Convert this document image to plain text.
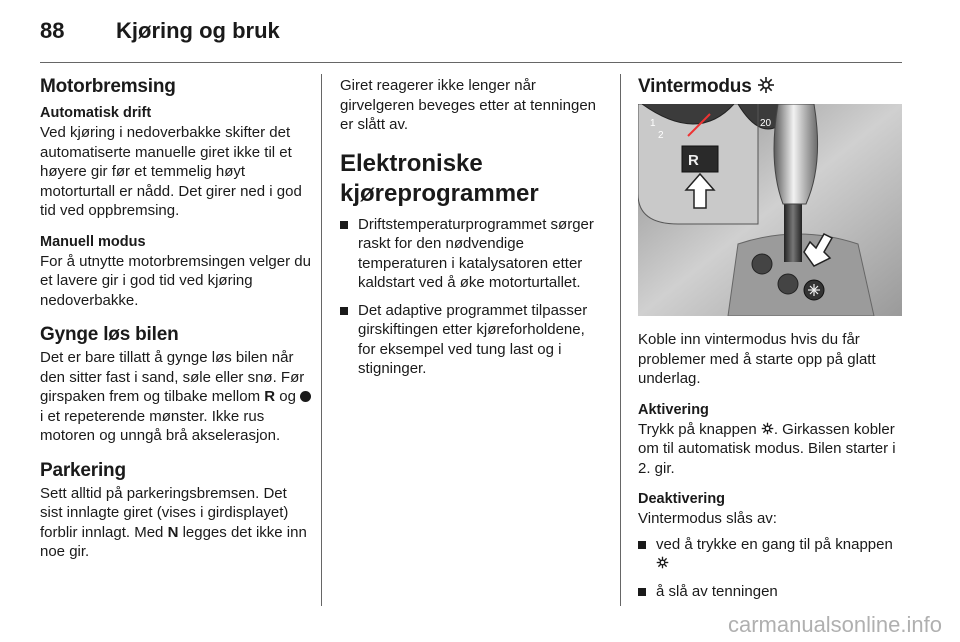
88 Kjøring og bruk
Motorbremsing
Automatisk drift

Ved kjøring i nedoverbakke skifter det automatiserte manuelle giret ikke til et høyere gir før et temmelig høyt motorturtall er nådd. Det girer ned i god tid ved oppbremsing.

Manuell modus

For å utnytte motorbremsingen velger du et lavere gir i god tid ved kjøring nedoverbakke.

Gynge løs bilen

Det er bare tillatt å gynge løs bilen når den sitter fast i sand, søle eller snø. Før girspaken frem og tilbake mellom R og  i et repeterende mønster. Ikke rus motoren og unngå brå akselerasjon.

Parkering

Sett alltid på parkeringsbremsen. Det sist innlagte giret (vises i girdisplayet) forblir innlagt. Med N legges det ikke inn noe gir.

Giret reagerer ikke lenger når girvelgeren beveges etter at tenningen er slått av.

Elektroniske kjøreprogrammer
Driftstemperaturprogrammet sørger raskt for den nødvendige temperaturen i katalysatoren etter kaldstart ved å øke motorturtallet.
Det adaptive programmet tilpasser girskiftingen etter kjøreforholdene, for eksempel ved tung last og i stigninger.
Vintermodus
1
2
20
R

Koble inn vintermodus hvis du får problemer med å starte opp på glatt underlag.

Aktivering

Trykk på knappen . Girkassen kobler om til automatisk modus. Bilen starter i 2. gir.

Deaktivering

Vintermodus slås av:

ved å trykke en gang til på knappen
å slå av tenningen
carmanualsonline.info
